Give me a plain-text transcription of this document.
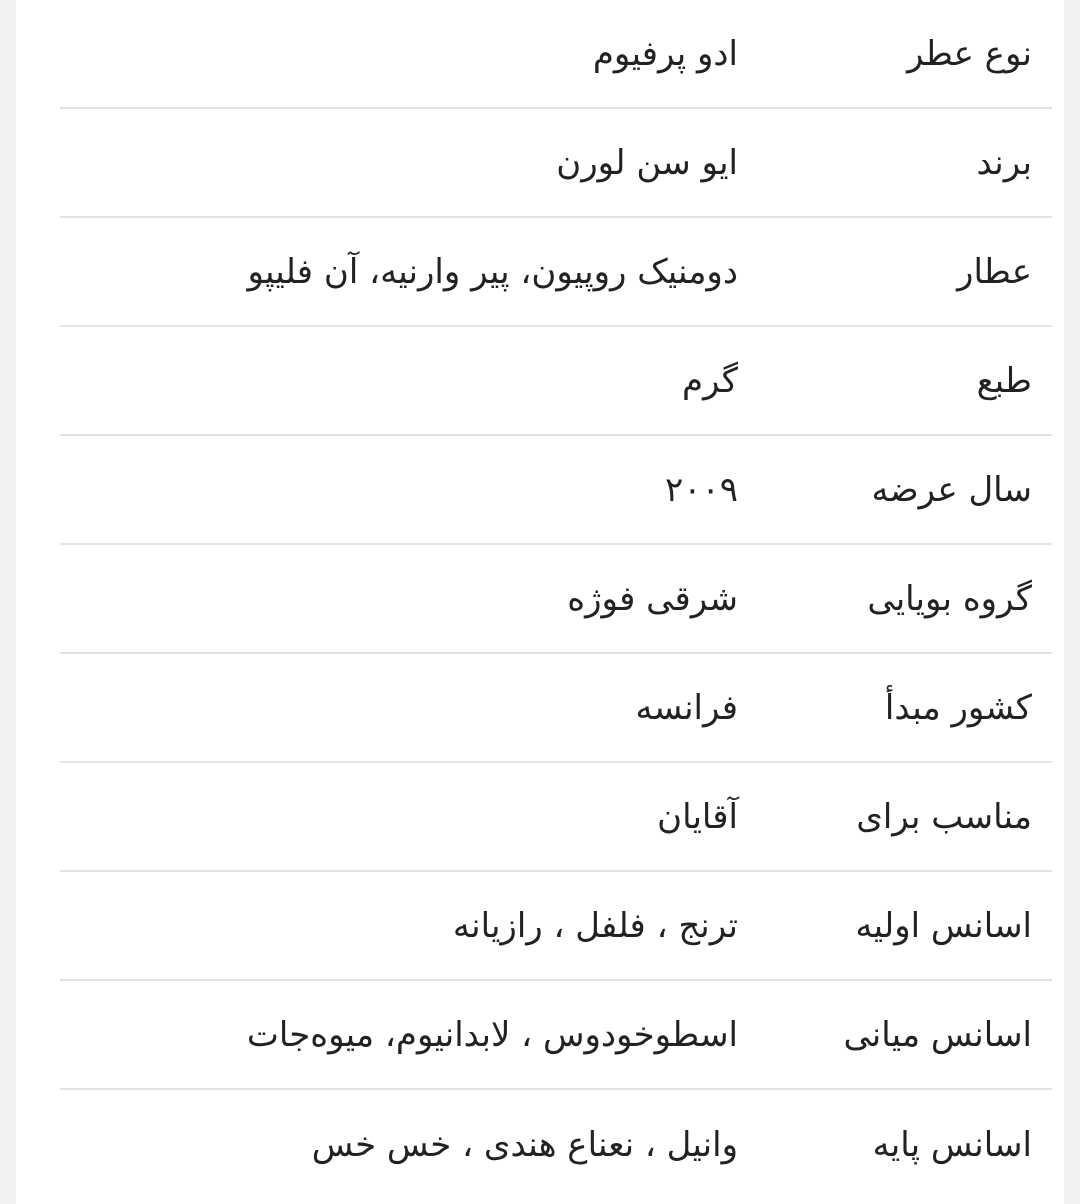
نوع عطر
ادو پرفیوم
برند
ایو سن لورن
عطار
دومنیک روپیون، پیر وارنیه، آن فلیپو
طبع
گرم
سال عرضه
۲۰۰۹
گروه بویایی
شرقی فوژه
کشور مبدأ
فرانسه
مناسب برای
آقایان
اسانس اولیه
ترنج ، فلفل ، رازیانه
اسانس میانی
اسطوخودوس ، لابدانیوم، میوه‌جات
اسانس پایه
وانیل ، نعناع هندی ، خس خس
